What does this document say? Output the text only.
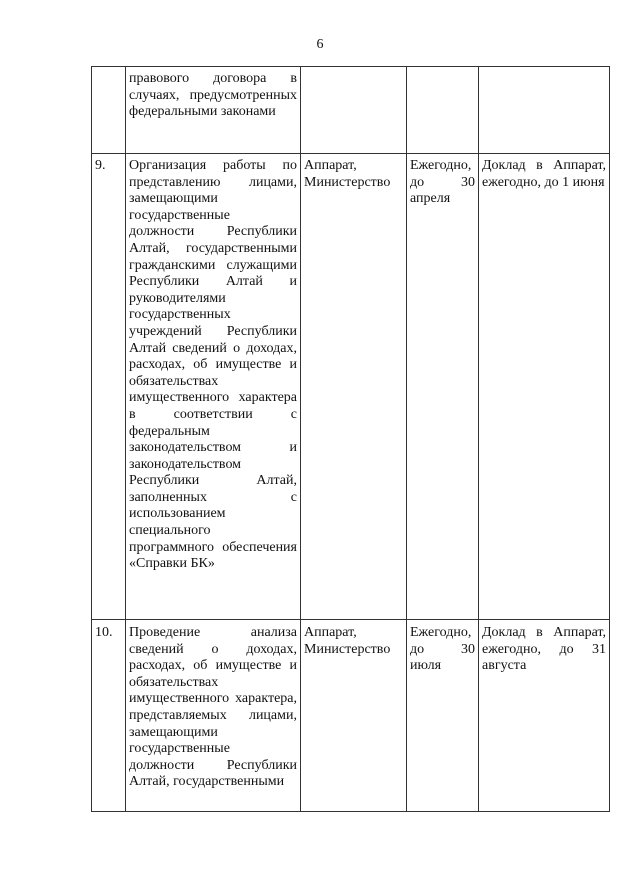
6
	правового договора в случаях, предусмотренных федеральными законами			
9.	Организация работы по представлению лицами, замещающими государственные должности Республики Алтай, государственными гражданскими служащими Республики Алтай и руководителями государственных учреждений Республики Алтай сведений о доходах, расходах, об имуществе и обязательствах имущественного характера в соответствии с федеральным законодательством и законодательством Республики Алтай, заполненных с использованием специального программного обеспечения «Справки БК»	Аппарат, Министерство	Ежегодно, до 30 апреля	Доклад в Аппарат, ежегодно, до 1 июня
10.	Проведение анализа сведений о доходах, расходах, об имуществе и обязательствах имущественного характера, представляемых лицами, замещающими государственные должности Республики Алтай, государственными	Аппарат, Министерство	Ежегодно, до 30 июля	Доклад в Аппарат, ежегодно, до 31 августа
